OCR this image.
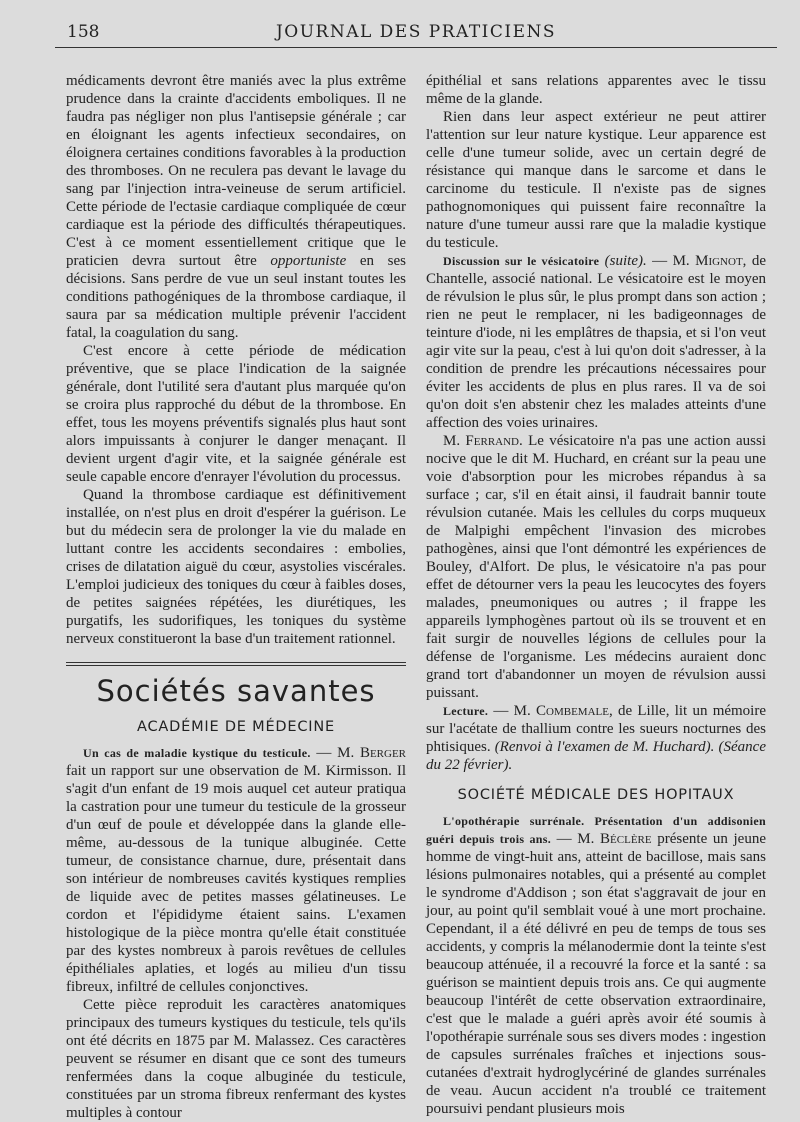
158	JOURNAL DES PRATICIENS

médicaments devront être maniés avec la plus extrême prudence dans la crainte d'accidents emboliques. Il ne faudra pas négliger non plus l'antisepsie générale ; car en éloignant les agents infectieux secondaires, on éloignera certaines conditions favorables à la production des thromboses. On ne reculera pas devant le lavage du sang par l'injection intra-veineuse de serum artificiel. Cette période de l'ectasie cardiaque compliquée de cœur cardiaque est la période des difficultés thérapeutiques. C'est à ce moment essentiellement critique que le praticien devra surtout être opportuniste en ses décisions. Sans perdre de vue un seul instant toutes les conditions pathogéniques de la thrombose cardiaque, il saura par sa médication multiple prévenir l'accident fatal, la coagulation du sang.

C'est encore à cette période de médication préventive, que se place l'indication de la saignée générale, dont l'utilité sera d'autant plus marquée qu'on se croira plus rapproché du début de la thrombose. En effet, tous les moyens préventifs signalés plus haut sont alors impuissants à conjurer le danger menaçant. Il devient urgent d'agir vite, et la saignée générale est seule capable encore d'enrayer l'évolution du processus.

Quand la thrombose cardiaque est définitivement installée, on n'est plus en droit d'espérer la guérison. Le but du médecin sera de prolonger la vie du malade en luttant contre les accidents secondaires : embolies, crises de dilatation aiguë du cœur, asystolies viscérales. L'emploi judicieux des toniques du cœur à faibles doses, de petites saignées répétées, les diurétiques, les purgatifs, les sudorifiques, les toniques du système nerveux constitueront la base d'un traitement rationnel.

Sociétés savantes
ACADÉMIE DE MÉDECINE

Un cas de maladie kystique du testicule. — M. Berger fait un rapport sur une observation de M. Kirmisson. Il s'agit d'un enfant de 19 mois auquel cet auteur pratiqua la castration pour une tumeur du testicule de la grosseur d'un œuf de poule et développée dans la glande elle-même, au-dessous de la tunique albuginée. Cette tumeur, de consistance charnue, dure, présentait dans son intérieur de nombreuses cavités kystiques remplies de liquide avec de petites masses gélatineuses. Le cordon et l'épididyme étaient sains. L'examen histologique de la pièce montra qu'elle était constituée par des kystes nombreux à parois revêtues de cellules épithéliales aplaties, et logés au milieu d'un tissu fibreux, infiltré de cellules conjonctives.

Cette pièce reproduit les caractères anatomiques principaux des tumeurs kystiques du testicule, tels qu'ils ont été décrits en 1875 par M. Malassez. Ces caractères peuvent se résumer en disant que ce sont des tumeurs renfermées dans la coque albuginée du testicule, constituées par un stroma fibreux renfermant des kystes multiples à contour

épithélial et sans relations apparentes avec le tissu même de la glande.

Rien dans leur aspect extérieur ne peut attirer l'attention sur leur nature kystique. Leur apparence est celle d'une tumeur solide, avec un certain degré de résistance qui manque dans le sarcome et dans le carcinome du testicule. Il n'existe pas de signes pathognomoniques qui puissent faire reconnaître la nature d'une tumeur aussi rare que la maladie kystique du testicule.

Discussion sur le vésicatoire (suite). — M. Mignot, de Chantelle, associé national. Le vésicatoire est le moyen de révulsion le plus sûr, le plus prompt dans son action ; rien ne peut le remplacer, ni les badigeonnages de teinture d'iode, ni les emplâtres de thapsia, et si l'on veut agir vite sur la peau, c'est à lui qu'on doit s'adresser, à la condition de prendre les précautions nécessaires pour éviter les accidents de plus en plus rares. Il va de soi qu'on doit s'en abstenir chez les malades atteints d'une affection des voies urinaires.

M. Ferrand. Le vésicatoire n'a pas une action aussi nocive que le dit M. Huchard, en créant sur la peau une voie d'absorption pour les microbes répandus à sa surface ; car, s'il en était ainsi, il faudrait bannir toute révulsion cutanée. Mais les cellules du corps muqueux de Malpighi empêchent l'invasion des microbes pathogènes, ainsi que l'ont démontré les expériences de Bouley, d'Alfort. De plus, le vésicatoire n'a pas pour effet de détourner vers la peau les leucocytes des foyers malades, pneumoniques ou autres ; il frappe les appareils lymphogènes partout où ils se trouvent et en fait surgir de nouvelles légions de cellules pour la défense de l'organisme. Les médecins auraient donc grand tort d'abandonner un moyen de révulsion aussi puissant.

Lecture. — M. Combemale, de Lille, lit un mémoire sur l'acétate de thallium contre les sueurs nocturnes des phtisiques. (Renvoi à l'examen de M. Huchard). (Séance du 22 février).

SOCIÉTÉ MÉDICALE DES HOPITAUX

L'opothérapie surrénale. Présentation d'un addisonien guéri depuis trois ans. — M. Béclère présente un jeune homme de vingt-huit ans, atteint de bacillose, mais sans lésions pulmonaires notables, qui a présenté au complet le syndrome d'Addison ; son état s'aggravait de jour en jour, au point qu'il semblait voué à une mort prochaine. Cependant, il a été délivré en peu de temps de tous ses accidents, y compris la mélanodermie dont la teinte s'est beaucoup atténuée, il a recouvré la force et la santé : sa guérison se maintient depuis trois ans. Ce qui augmente beaucoup l'intérêt de cette observation extraordinaire, c'est que le malade a guéri après avoir été soumis à l'opothérapie surrénale sous ses divers modes : ingestion de capsules surrénales fraîches et injections sous-cutanées d'extrait hydroglycériné de glandes surrénales de veau. Aucun accident n'a troublé ce traitement poursuivi pendant plusieurs mois
